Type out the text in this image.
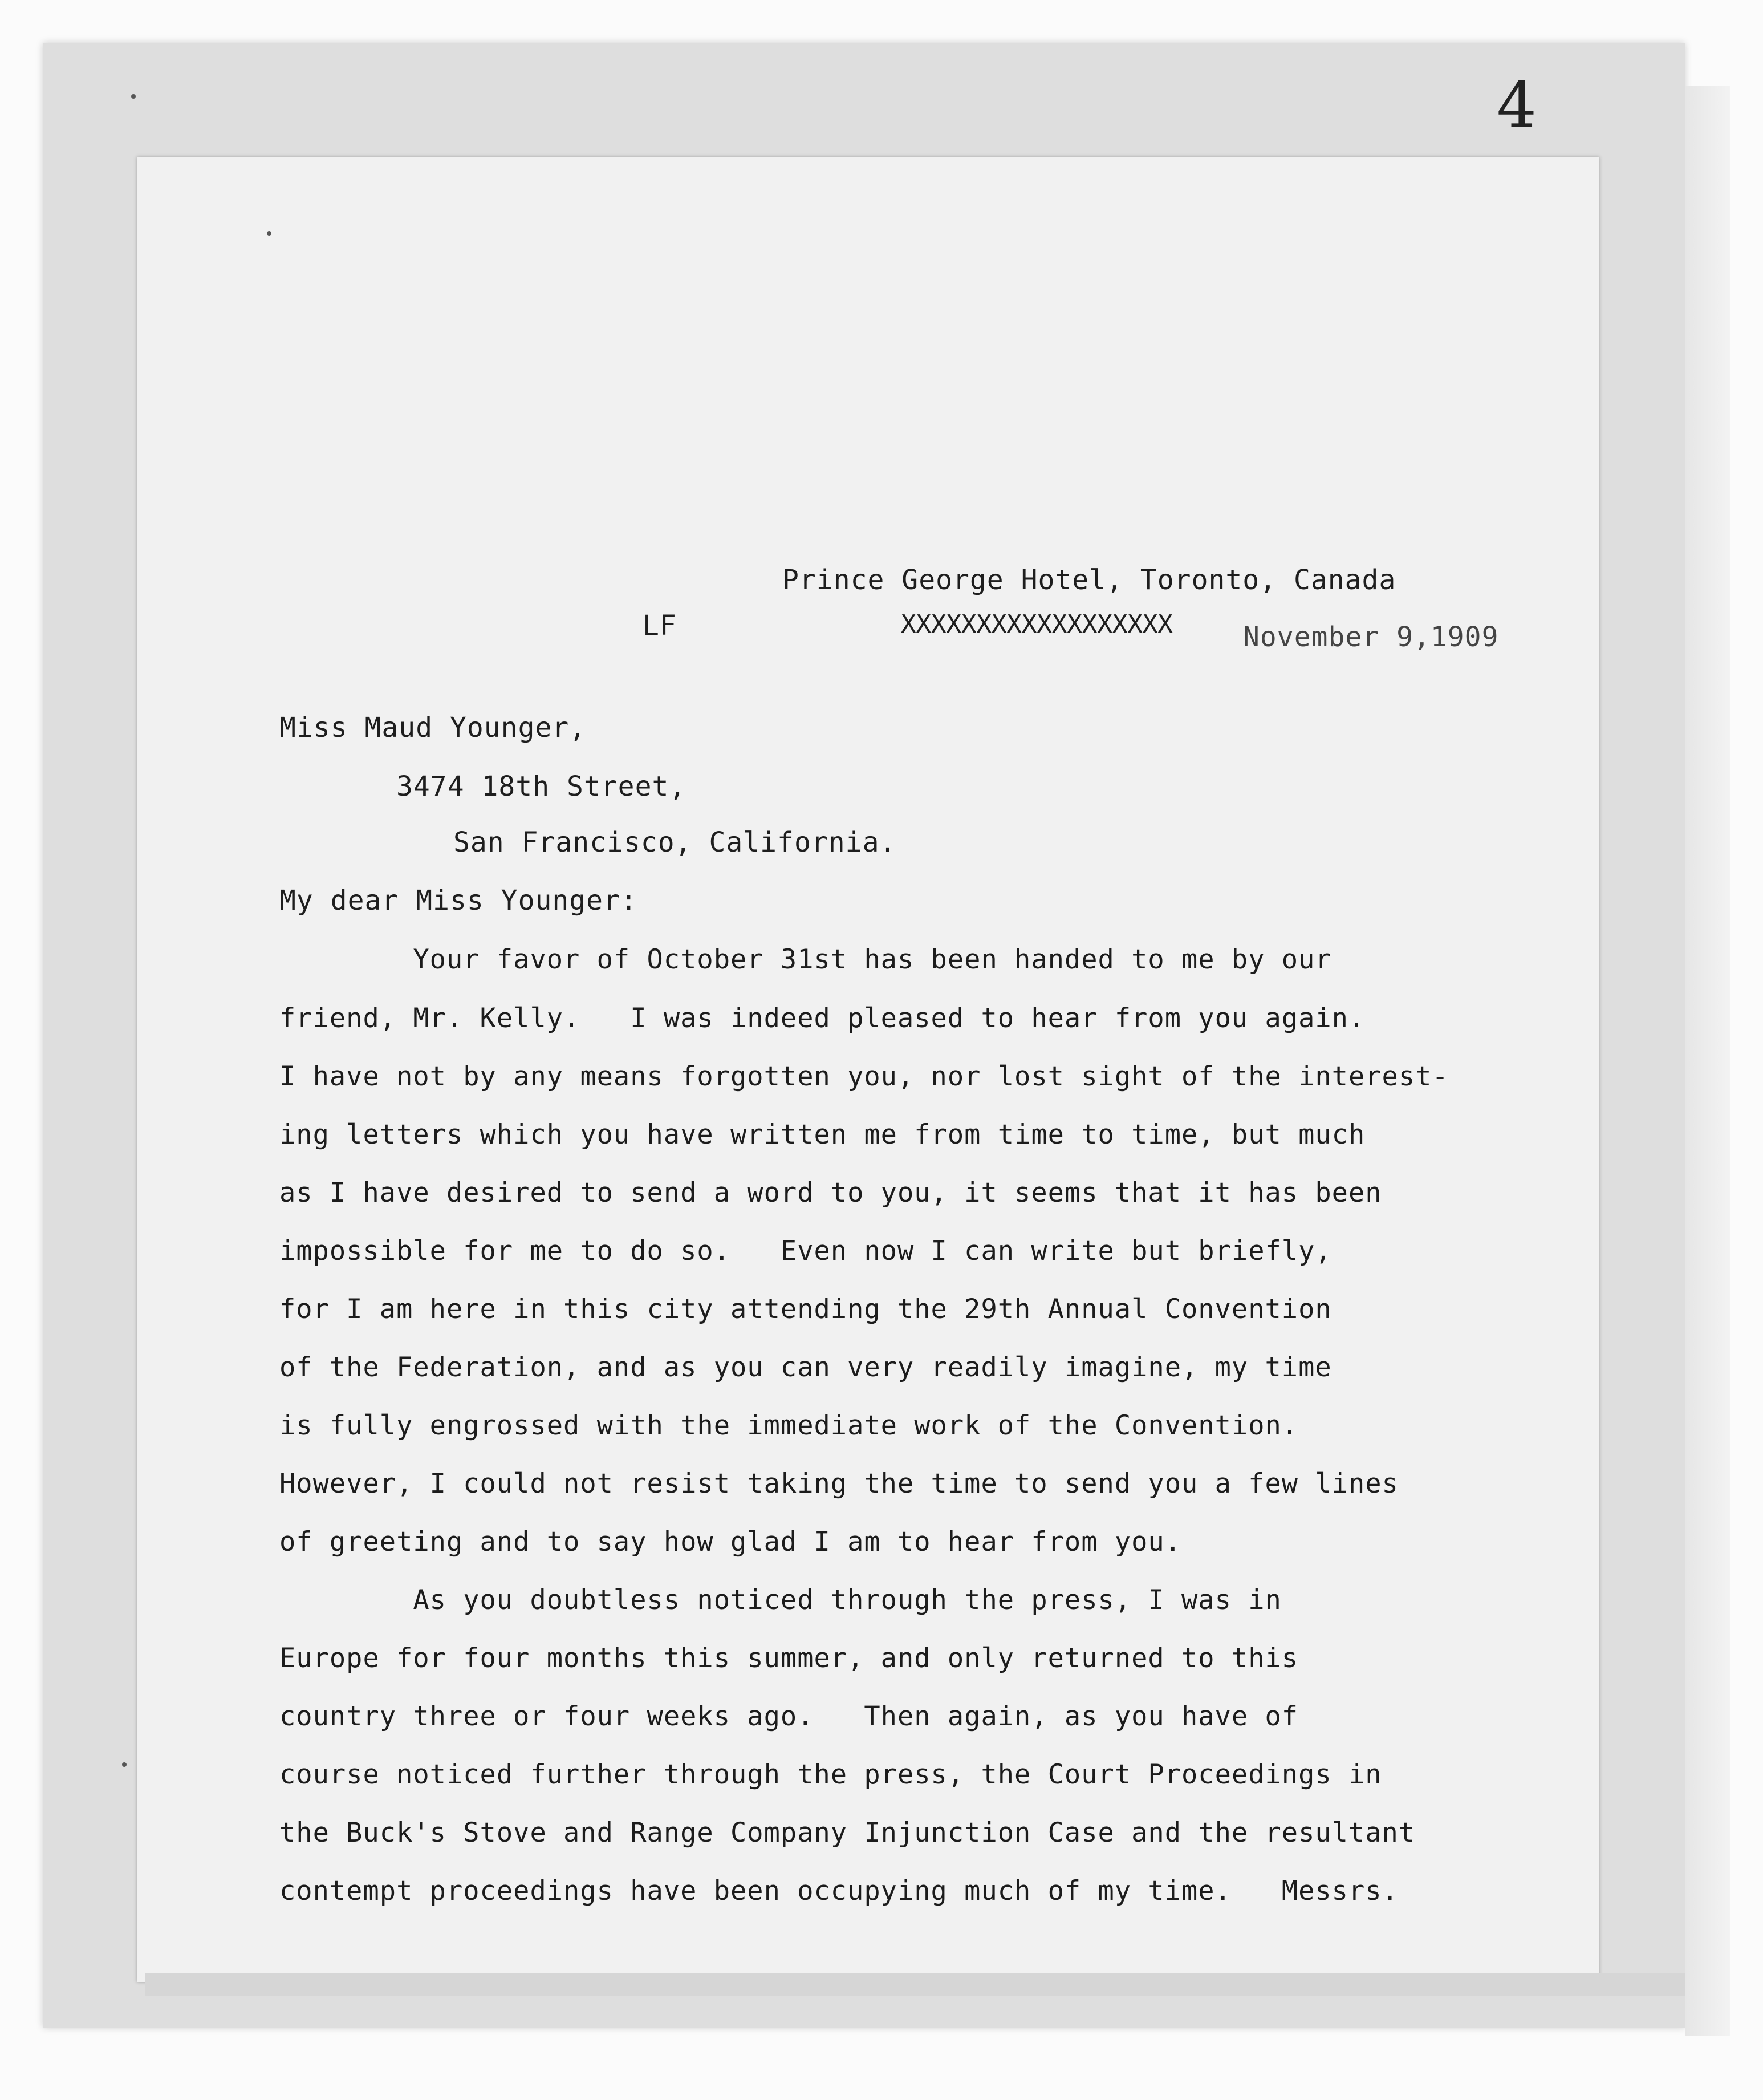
4
Prince George Hotel, Toronto, Canada
LF	XXXXXXXXXXXXXXXXXX	November 9,1909
Miss Maud Younger,
3474 18th Street,
San Francisco, California.
My dear Miss Younger:
Your favor of October 31st has been handed to me by our
friend, Mr. Kelly.   I was indeed pleased to hear from you again.
I have not by any means forgotten you, nor lost sight of the interest-
ing letters which you have written me from time to time, but much
as I have desired to send a word to you, it seems that it has been
impossible for me to do so.   Even now I can write but briefly,
for I am here in this city attending the 29th Annual Convention
of the Federation, and as you can very readily imagine, my time
is fully engrossed with the immediate work of the Convention.
However, I could not resist taking the time to send you a few lines
of greeting and to say how glad I am to hear from you.
As you doubtless noticed through the press, I was in
Europe for four months this summer, and only returned to this
country three or four weeks ago.   Then again, as you have of
course noticed further through the press, the Court Proceedings in
the Buck's Stove and Range Company Injunction Case and the resultant
contempt proceedings have been occupying much of my time.   Messrs.
